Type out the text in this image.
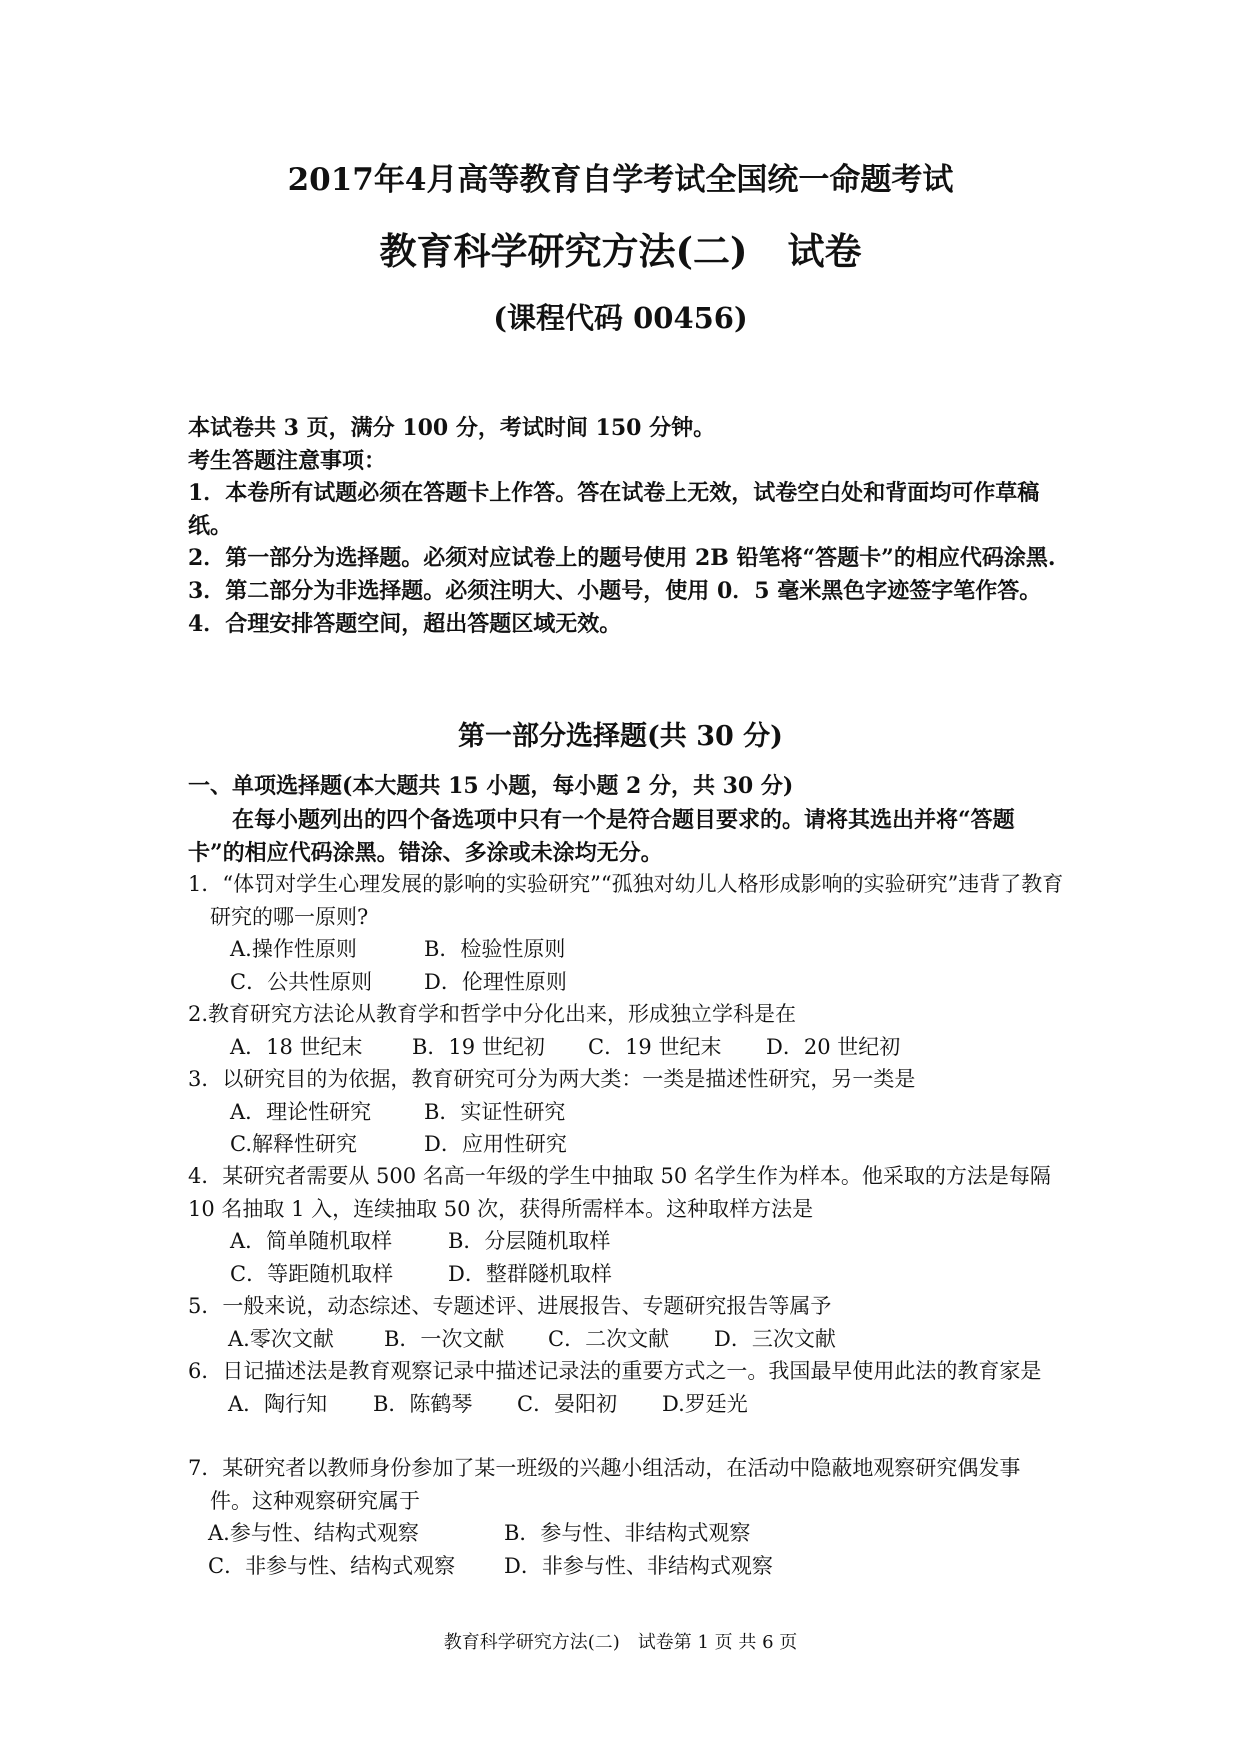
2017年4月高等教育自学考试全国统一命题考试
教育科学研究方法(二) 试卷
(课程代码 00456)

本试卷共 3 页，满分 100 分，考试时间 150 分钟。

考生答题注意事项：

1．本卷所有试题必须在答题卡上作答。答在试卷上无效，试卷空白处和背面均可作草稿纸。

2．第一部分为选择题。必须对应试卷上的题号使用 2B 铅笔将“答题卡”的相应代码涂黑.

3．第二部分为非选择题。必须注明大、小题号，使用 0．5 毫米黑色字迹签字笔作答。

4．合理安排答题空间，超出答题区域无效。

第一部分选择题(共 30 分)
一、单项选择题(本大题共 15 小题，每小题 2 分，共 30 分)
在每小题列出的四个备选项中只有一个是符合题目要求的。请将其选出并将“答题卡”的相应代码涂黑。错涂、多涂或未涂均无分。

1．“体罚对学生心理发展的影响的实验研究”“孤独对幼儿人格形成影响的实验研究”违背了教育研究的哪一原则?

A.操作性原则	B．检验性原则
C．公共性原则	D．伦理性原则

2.教育研究方法论从教育学和哲学中分化出来，形成独立学科是在

A．18 世纪末	B．19 世纪初	C．19 世纪末	D．20 世纪初

3．以研究目的为依据，教育研究可分为两大类：一类是描述性研究，另一类是

A．理论性研究	B．实证性研究
C.解释性研究	D．应用性研究

4．某研究者需要从 500 名高一年级的学生中抽取 50 名学生作为样本。他采取的方法是每隔 10 名抽取 1 入，连续抽取 50 次，获得所需样本。这种取样方法是

A．简单随机取样	B．分层随机取样
C．等距随机取样	D．整群隧机取样

5．一般来说，动态综述、专题述评、进展报告、专题研究报告等属予

A.零次文献	B．一次文献	C．二次文献	D．三次文献

6．日记描述法是教育观察记录中描述记录法的重要方式之一。我国最早使用此法的教育家是

A．陶行知	B．陈鹤琴	C．晏阳初	D.罗廷光

7．某研究者以教师身份参加了某一班级的兴趣小组活动，在活动中隐蔽地观察研究偶发事件。这种观察研究属于

A.参与性、结构式观察	B．参与性、非结构式观察
C．非参与性、结构式观察	D．非参与性、非结构式观察
教育科学研究方法(二)　试卷第 1 页 共 6 页
